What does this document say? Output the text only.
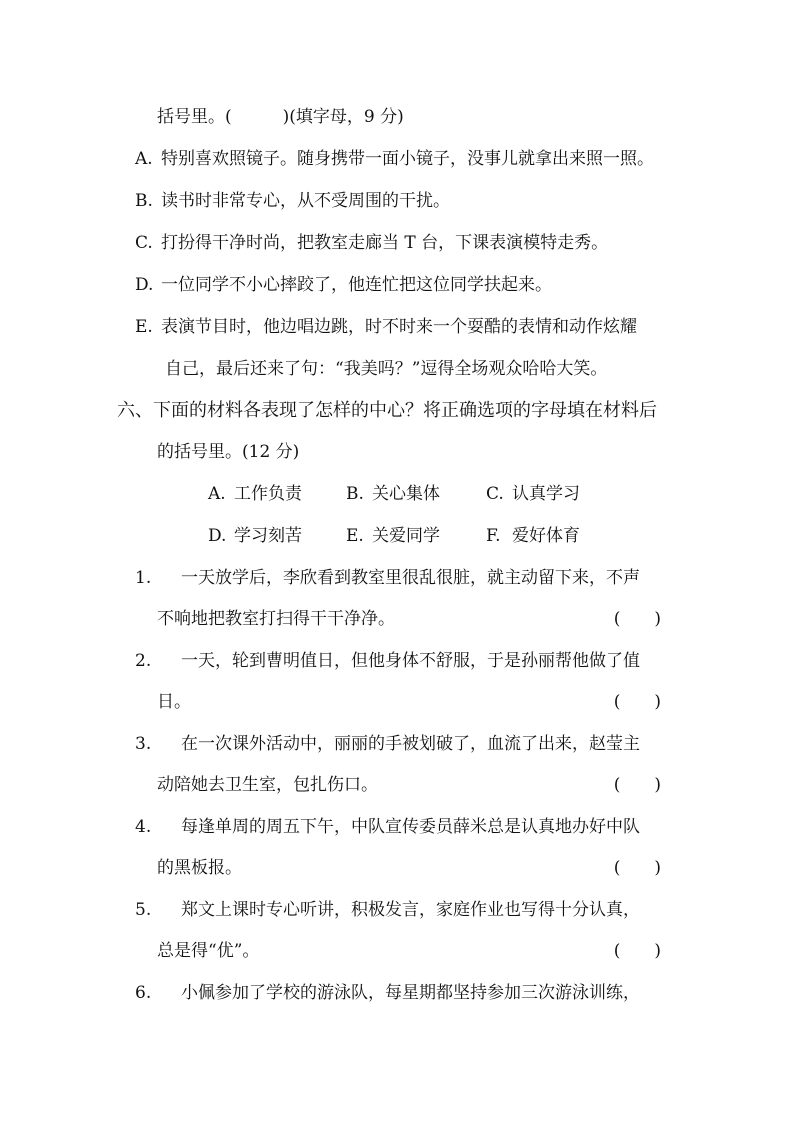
括号里。(　　　)(填字母，9 分)
A. 特别喜欢照镜子。随身携带一面小镜子，没事儿就拿出来照一照。
B. 读书时非常专心，从不受周围的干扰。
C. 打扮得干净时尚，把教室走廊当 T 台，下课表演模特走秀。
D. 一位同学不小心摔跤了，他连忙把这位同学扶起来。
E. 表演节目时，他边唱边跳，时不时来一个耍酷的表情和动作炫耀
自己，最后还来了句：“我美吗？”逗得全场观众哈哈大笑。
六、下面的材料各表现了怎样的中心？将正确选项的字母填在材料后
的括号里。(12 分)
A. 工作负责	B. 关心集体	C. 认真学习
D. 学习刻苦	E. 关爱同学	F. 爱好体育
1. 一天放学后，李欣看到教室里很乱很脏，就主动留下来，不声
不响地把教室打扫得干干净净。	(　　)
2. 一天，轮到曹明值日，但他身体不舒服，于是孙丽帮他做了值
日。	(　　)
3. 在一次课外活动中，丽丽的手被划破了，血流了出来，赵莹主
动陪她去卫生室，包扎伤口。	(　　)
4. 每逢单周的周五下午，中队宣传委员薛米总是认真地办好中队
的黑板报。	(　　)
5. 郑文上课时专心听讲，积极发言，家庭作业也写得十分认真，
总是得“优”。	(　　)
6. 小佩参加了学校的游泳队，每星期都坚持参加三次游泳训练，
